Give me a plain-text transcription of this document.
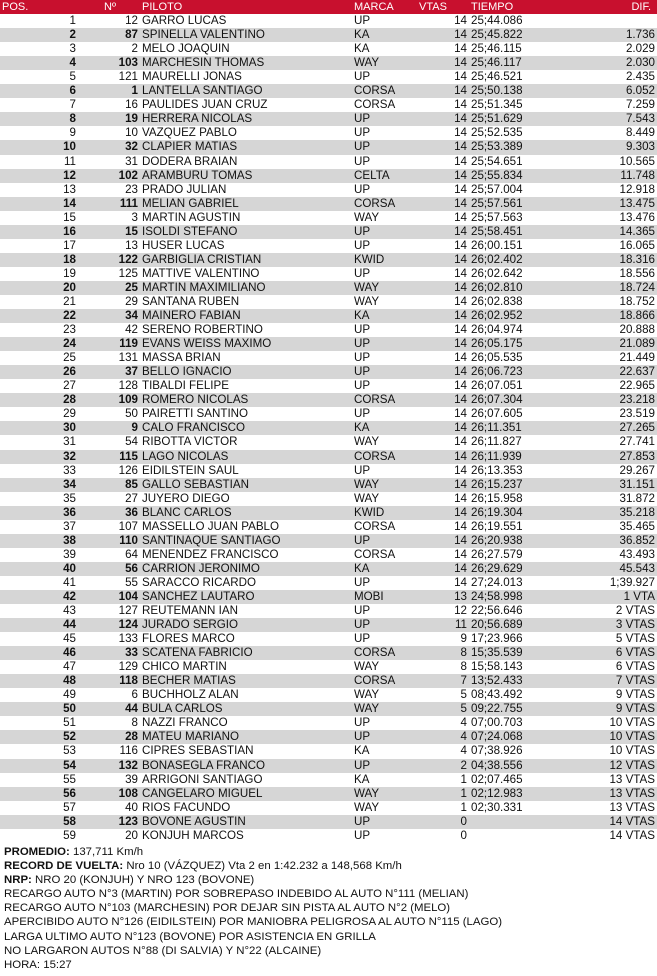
POS.	Nº	PILOTO	MARCA	VTAS	TIEMPO	DIF.
1	12	GARRO LUCAS	UP	14	25;44.086	
2	87	SPINELLA VALENTINO	KA	14	25;45.822	1.736
3	2	MELO JOAQUIN	KA	14	25;46.115	2.029
4	103	MARCHESIN THOMAS	WAY	14	25;46.117	2.030
5	121	MAURELLI JONAS	UP	14	25;46.521	2.435
6	1	LANTELLA SANTIAGO	CORSA	14	25;50.138	6.052
7	16	PAULIDES JUAN CRUZ	CORSA	14	25;51.345	7.259
8	19	HERRERA NICOLAS	UP	14	25;51.629	7.543
9	10	VAZQUEZ PABLO	UP	14	25;52.535	8.449
10	32	CLAPIER MATIAS	UP	14	25;53.389	9.303
11	31	DODERA BRAIAN	UP	14	25;54.651	10.565
12	102	ARAMBURU TOMAS	CELTA	14	25;55.834	11.748
13	23	PRADO JULIAN	UP	14	25;57.004	12.918
14	111	MELIAN GABRIEL	CORSA	14	25;57.561	13.475
15	3	MARTIN AGUSTIN	WAY	14	25;57.563	13.476
16	15	ISOLDI STEFANO	UP	14	25;58.451	14.365
17	13	HUSER LUCAS	UP	14	26;00.151	16.065
18	122	GARBIGLIA CRISTIAN	KWID	14	26;02.402	18.316
19	125	MATTIVE VALENTINO	UP	14	26;02.642	18.556
20	25	MARTIN MAXIMILIANO	WAY	14	26;02.810	18.724
21	29	SANTANA RUBEN	WAY	14	26;02.838	18.752
22	34	MAINERO FABIAN	KA	14	26;02.952	18.866
23	42	SERENO ROBERTINO	UP	14	26;04.974	20.888
24	119	EVANS WEISS MAXIMO	UP	14	26;05.175	21.089
25	131	MASSA BRIAN	UP	14	26;05.535	21.449
26	37	BELLO IGNACIO	UP	14	26;06.723	22.637
27	128	TIBALDI FELIPE	UP	14	26;07.051	22.965
28	109	ROMERO NICOLAS	CORSA	14	26;07.304	23.218
29	50	PAIRETTI SANTINO	UP	14	26;07.605	23.519
30	9	CALO FRANCISCO	KA	14	26;11.351	27.265
31	54	RIBOTTA VICTOR	WAY	14	26;11.827	27.741
32	115	LAGO NICOLAS	CORSA	14	26;11.939	27.853
33	126	EIDILSTEIN SAUL	UP	14	26;13.353	29.267
34	85	GALLO SEBASTIAN	WAY	14	26;15.237	31.151
35	27	JUYERO DIEGO	WAY	14	26;15.958	31.872
36	36	BLANC CARLOS	KWID	14	26;19.304	35.218
37	107	MASSELLO JUAN PABLO	CORSA	14	26;19.551	35.465
38	110	SANTINAQUE SANTIAGO	UP	14	26;20.938	36.852
39	64	MENENDEZ FRANCISCO	CORSA	14	26;27.579	43.493
40	56	CARRION JERONIMO	KA	14	26;29.629	45.543
41	55	SARACCO RICARDO	UP	14	27;24.013	1;39.927
42	104	SANCHEZ LAUTARO	MOBI	13	24;58.998	1 VTA
43	127	REUTEMANN IAN	UP	12	22;56.646	2 VTAS
44	124	JURADO SERGIO	UP	11	20;56.689	3 VTAS
45	133	FLORES MARCO	UP	9	17;23.966	5 VTAS
46	33	SCATENA FABRICIO	CORSA	8	15;35.539	6 VTAS
47	129	CHICO MARTIN	WAY	8	15;58.143	6 VTAS
48	118	BECHER MATIAS	CORSA	7	13;52.433	7 VTAS
49	6	BUCHHOLZ ALAN	WAY	5	08;43.492	9 VTAS
50	44	BULA CARLOS	WAY	5	09;22.755	9 VTAS
51	8	NAZZI FRANCO	UP	4	07;00.703	10 VTAS
52	28	MATEU MARIANO	UP	4	07;24.068	10 VTAS
53	116	CIPRES SEBASTIAN	KA	4	07;38.926	10 VTAS
54	132	BONASEGLA FRANCO	UP	2	04;38.556	12 VTAS
55	39	ARRIGONI SANTIAGO	KA	1	02;07.465	13 VTAS
56	108	CANGELARO MIGUEL	WAY	1	02;12.983	13 VTAS
57	40	RIOS FACUNDO	WAY	1	02;30.331	13 VTAS
58	123	BOVONE AGUSTIN	UP	0		14 VTAS
59	20	KONJUH MARCOS	UP	0		14 VTAS
PROMEDIO: 137,711 Km/h
RECORD DE VUELTA: Nro 10 (VÁZQUEZ) Vta 2 en 1:42.232 a 148,568 Km/h
NRP: NRO 20 (KONJUH) Y NRO 123 (BOVONE)
RECARGO AUTO N°3 (MARTIN) POR SOBREPASO INDEBIDO AL AUTO N°111 (MELIAN)
RECARGO AUTO N°103 (MARCHESIN) POR DEJAR SIN PISTA AL AUTO N°2 (MELO)
APERCIBIDO AUTO N°126 (EIDILSTEIN) POR MANIOBRA PELIGROSA AL AUTO N°115 (LAGO)
LARGA ULTIMO AUTO N°123 (BOVONE) POR ASISTENCIA EN GRILLA
NO LARGARON AUTOS N°88 (DI SALVIA) Y N°22 (ALCAINE)
HORA: 15:27
